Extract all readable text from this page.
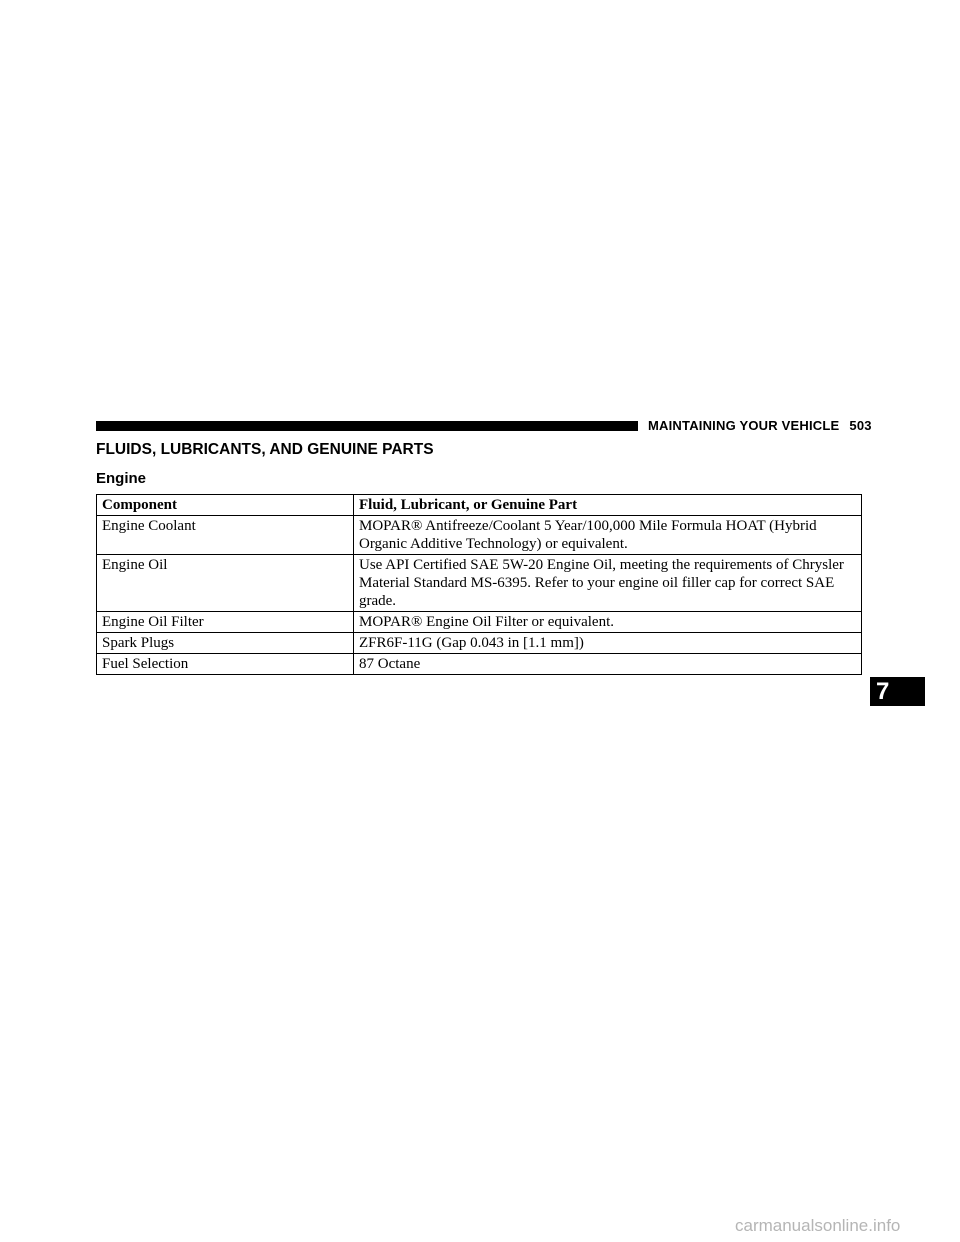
MAINTAINING YOUR VEHICLE 503
FLUIDS, LUBRICANTS, AND GENUINE PARTS
Engine
Component	Fluid, Lubricant, or Genuine Part
Engine Coolant	MOPAR® Antifreeze/Coolant 5 Year/100,000 Mile Formula HOAT (Hybrid Organic Additive Technology) or equivalent.
Engine Oil	Use API Certified SAE 5W-20 Engine Oil, meeting the requirements of Chrysler Material Standard MS-6395. Refer to your engine oil filler cap for correct SAE grade.
Engine Oil Filter	MOPAR® Engine Oil Filter or equivalent.
Spark Plugs	ZFR6F-11G (Gap 0.043 in [1.1 mm])
Fuel Selection	87 Octane
7
carmanualsonline.info
